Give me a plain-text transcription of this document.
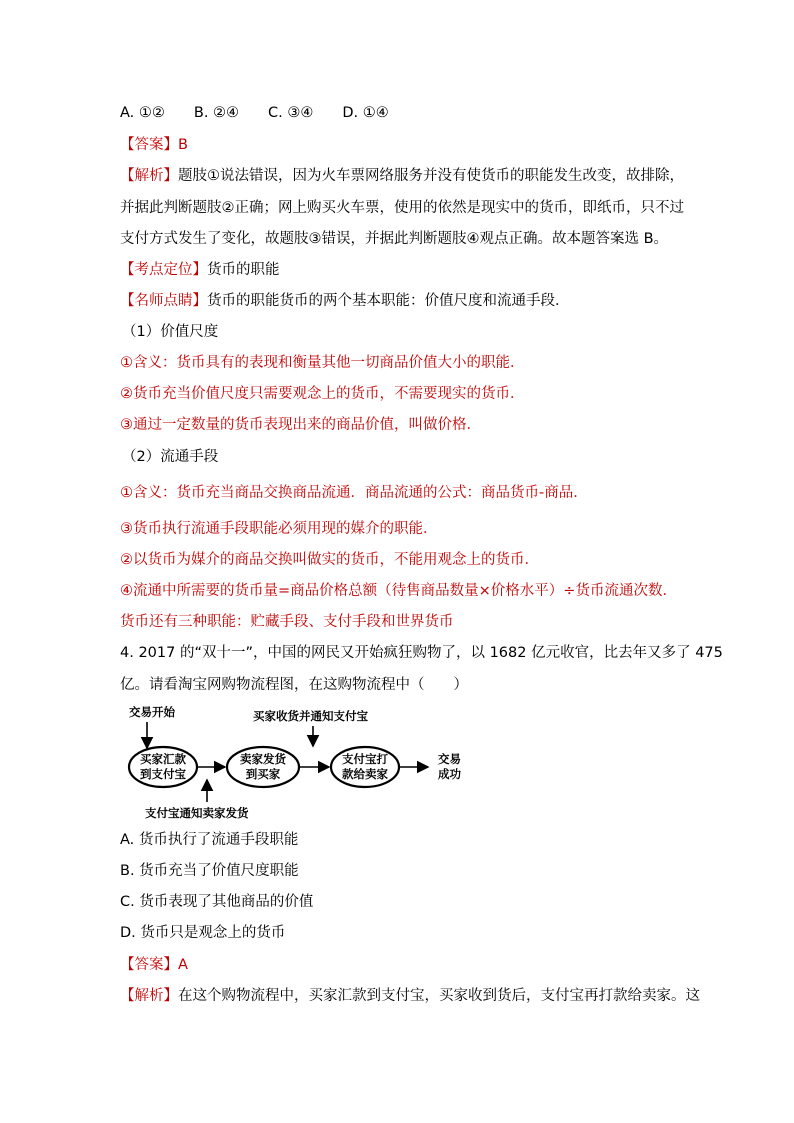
A. ①②　　B. ②④　　C. ③④　　D. ①④
【答案】B
【解析】题肢①说法错误，因为火车票网络服务并没有使货币的职能发生改变，故排除，
并据此判断题肢②正确；网上购买火车票，使用的依然是现实中的货币，即纸币，只不过
支付方式发生了变化，故题肢③错误，并据此判断题肢④观点正确。故本题答案选 B。
【考点定位】货币的职能
【名师点睛】货币的职能货币的两个基本职能：价值尺度和流通手段．
（1）价值尺度
①含义：货币具有的表现和衡量其他一切商品价值大小的职能．
②货币充当价值尺度只需要观念上的货币，不需要现实的货币．
③通过一定数量的货币表现出来的商品价值，叫做价格．
（2）流通手段
①含义：货币充当商品交换商品流通．商品流通的公式：商品货币-商品．
③货币执行流通手段职能必须用现的媒介的职能．
②以货币为媒介的商品交换叫做实的货币，不能用观念上的货币．
④流通中所需要的货币量=商品价格总额（待售商品数量×价格水平）÷货币流通次数．
货币还有三种职能：贮藏手段、支付手段和世界货币
4. 2017 的“双十一”，中国的网民又开始疯狂购物了，以 1682 亿元收官，比去年又多了 475
亿。请看淘宝网购物流程图，在这购物流程中（　　）
交易开始	买家收货并通知支付宝
支付宝通知卖家发货
买家汇款
到支付宝
卖家发货
到买家
支付宝打
款给卖家
交易
成功
A. 货币执行了流通手段职能
B. 货币充当了价值尺度职能
C. 货币表现了其他商品的价值
D. 货币只是观念上的货币
【答案】A
【解析】在这个购物流程中，买家汇款到支付宝，买家收到货后，支付宝再打款给卖家。这
